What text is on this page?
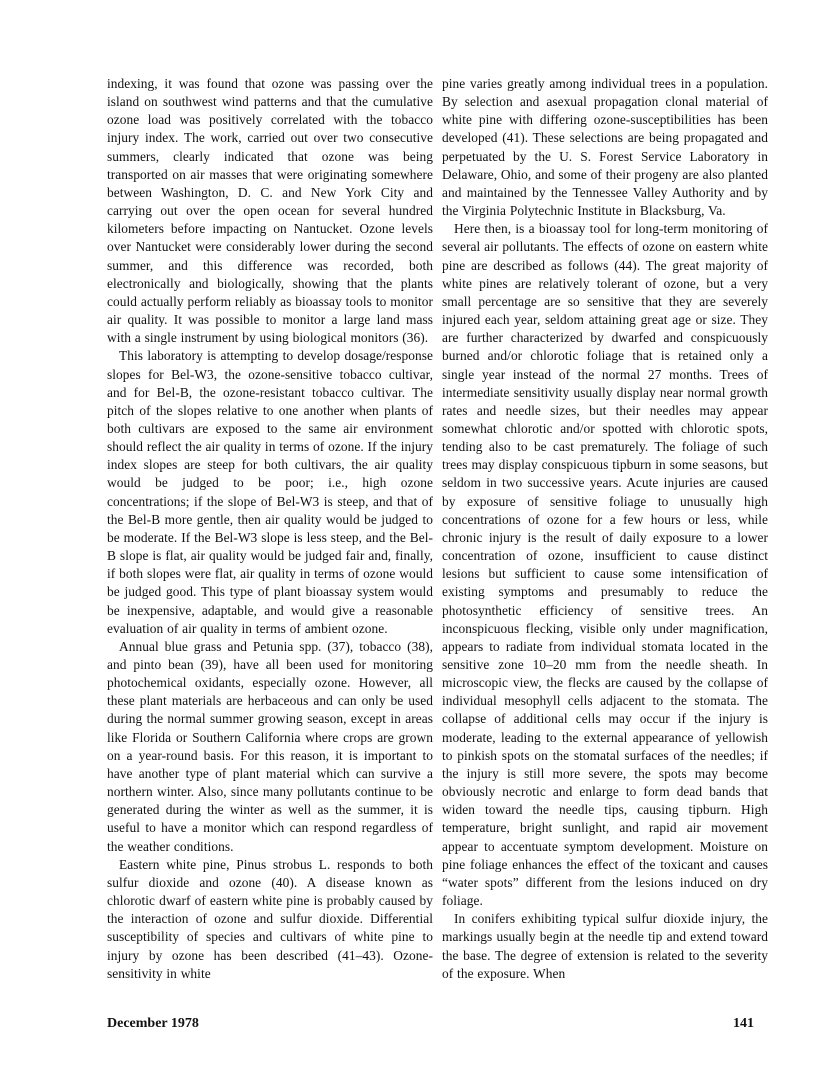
indexing, it was found that ozone was passing over the island on southwest wind patterns and that the cumulative ozone load was positively correlated with the tobacco injury index. The work, carried out over two consecutive summers, clearly indicated that ozone was being transported on air masses that were originating somewhere between Washington, D. C. and New York City and carrying out over the open ocean for several hundred kilometers before impacting on Nantucket. Ozone levels over Nantucket were considerably lower during the second summer, and this difference was recorded, both electronically and biologically, showing that the plants could actually perform reliably as bioassay tools to monitor air quality. It was possible to monitor a large land mass with a single instrument by using biological monitors (36).

This laboratory is attempting to develop dosage/response slopes for Bel-W3, the ozone-sensitive tobacco cultivar, and for Bel-B, the ozone-resistant tobacco cultivar. The pitch of the slopes relative to one another when plants of both cultivars are exposed to the same air environment should reflect the air quality in terms of ozone. If the injury index slopes are steep for both cultivars, the air quality would be judged to be poor; i.e., high ozone concentrations; if the slope of Bel-W3 is steep, and that of the Bel-B more gentle, then air quality would be judged to be moderate. If the Bel-W3 slope is less steep, and the Bel-B slope is flat, air quality would be judged fair and, finally, if both slopes were flat, air quality in terms of ozone would be judged good. This type of plant bioassay system would be inexpensive, adaptable, and would give a reasonable evaluation of air quality in terms of ambient ozone.

Annual blue grass and Petunia spp. (37), tobacco (38), and pinto bean (39), have all been used for monitoring photochemical oxidants, especially ozone. However, all these plant materials are herbaceous and can only be used during the normal summer growing season, except in areas like Florida or Southern California where crops are grown on a year-round basis. For this reason, it is important to have another type of plant material which can survive a northern winter. Also, since many pollutants continue to be generated during the winter as well as the summer, it is useful to have a monitor which can respond regardless of the weather conditions.

Eastern white pine, Pinus strobus L. responds to both sulfur dioxide and ozone (40). A disease known as chlorotic dwarf of eastern white pine is probably caused by the interaction of ozone and sulfur dioxide. Differential susceptibility of species and cultivars of white pine to injury by ozone has been described (41–43). Ozone-sensitivity in white

pine varies greatly among individual trees in a population. By selection and asexual propagation clonal material of white pine with differing ozone-susceptibilities has been developed (41). These selections are being propagated and perpetuated by the U. S. Forest Service Laboratory in Delaware, Ohio, and some of their progeny are also planted and maintained by the Tennessee Valley Authority and by the Virginia Polytechnic Institute in Blacksburg, Va.

Here then, is a bioassay tool for long-term monitoring of several air pollutants. The effects of ozone on eastern white pine are described as follows (44). The great majority of white pines are relatively tolerant of ozone, but a very small percentage are so sensitive that they are severely injured each year, seldom attaining great age or size. They are further characterized by dwarfed and conspicuously burned and/or chlorotic foliage that is retained only a single year instead of the normal 27 months. Trees of intermediate sensitivity usually display near normal growth rates and needle sizes, but their needles may appear somewhat chlorotic and/or spotted with chlorotic spots, tending also to be cast prematurely. The foliage of such trees may display conspicuous tipburn in some seasons, but seldom in two successive years. Acute injuries are caused by exposure of sensitive foliage to unusually high concentrations of ozone for a few hours or less, while chronic injury is the result of daily exposure to a lower concentration of ozone, insufficient to cause distinct lesions but sufficient to cause some intensification of existing symptoms and presumably to reduce the photosynthetic efficiency of sensitive trees. An inconspicuous flecking, visible only under magnification, appears to radiate from individual stomata located in the sensitive zone 10–20 mm from the needle sheath. In microscopic view, the flecks are caused by the collapse of individual mesophyll cells adjacent to the stomata. The collapse of additional cells may occur if the injury is moderate, leading to the external appearance of yellowish to pinkish spots on the stomatal surfaces of the needles; if the injury is still more severe, the spots may become obviously necrotic and enlarge to form dead bands that widen toward the needle tips, causing tipburn. High temperature, bright sunlight, and rapid air movement appear to accentuate symptom development. Moisture on pine foliage enhances the effect of the toxicant and causes “water spots” different from the lesions induced on dry foliage.

In conifers exhibiting typical sulfur dioxide injury, the markings usually begin at the needle tip and extend toward the base. The degree of extension is related to the severity of the exposure. When

December 1978	141
